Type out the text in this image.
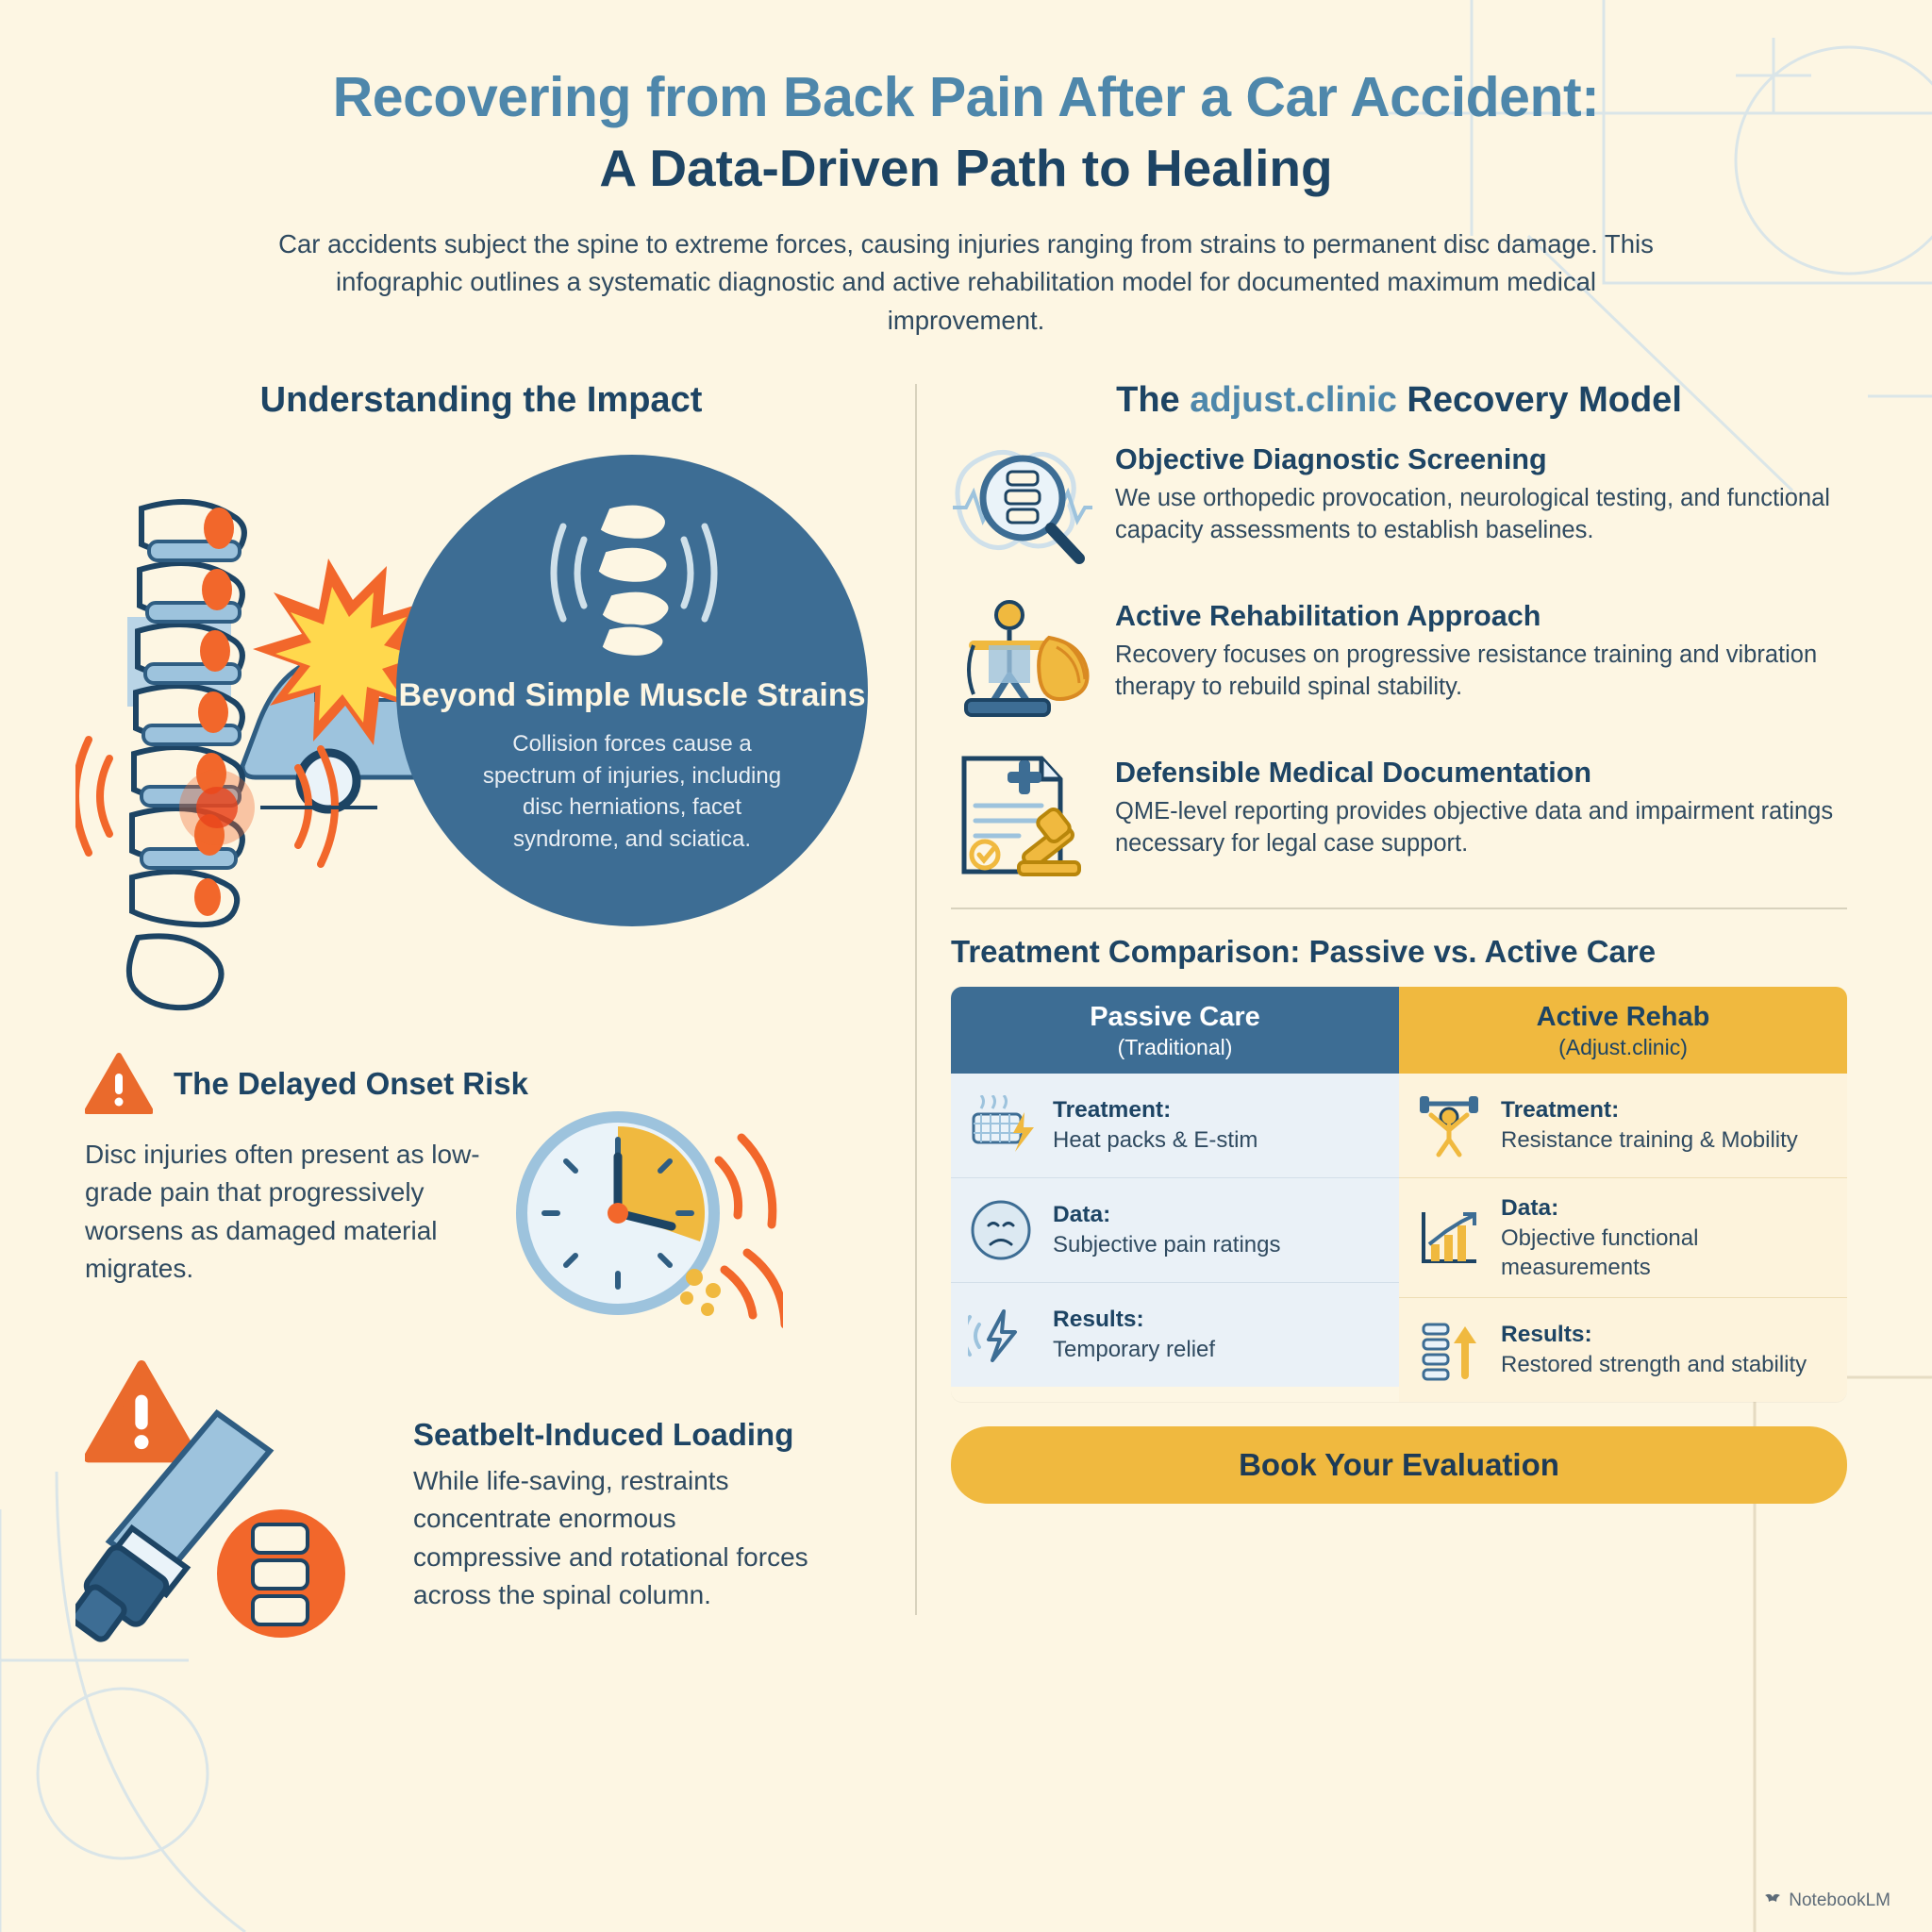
Recovering from Back Pain After a Car Accident:
A Data-Driven Path to Healing
Car accidents subject the spine to extreme forces, causing injuries ranging from strains to permanent disc damage. This infographic outlines a systematic diagnostic and active rehabilitation model for documented maximum medical improvement.
Understanding the Impact
Beyond Simple Muscle Strains
Collision forces cause a spectrum of injuries, including disc herniations, facet syndrome, and sciatica.
The Delayed Onset Risk
Disc injuries often present as low-grade pain that progressively worsens as damaged material migrates.
Seatbelt-Induced Loading
While life-saving, restraints concentrate enormous compressive and rotational forces across the spinal column.
The adjust.clinic Recovery Model
Objective Diagnostic Screening
We use orthopedic provocation, neurological testing, and functional capacity assessments to establish baselines.
Active Rehabilitation Approach
Recovery focuses on progressive resistance training and vibration therapy to rebuild spinal stability.
Defensible Medical Documentation
QME-level reporting provides objective data and impairment ratings necessary for legal case support.
Treatment Comparison: Passive vs. Active Care
Passive Care
(Traditional)
Treatment:
Heat packs & E-stim
Data:
Subjective pain ratings
Results:
Temporary relief
Active Rehab
(Adjust.clinic)
Treatment:
Resistance training & Mobility
Data:
Objective functional measurements
Results:
Restored strength and stability
Book Your Evaluation
NotebookLM
